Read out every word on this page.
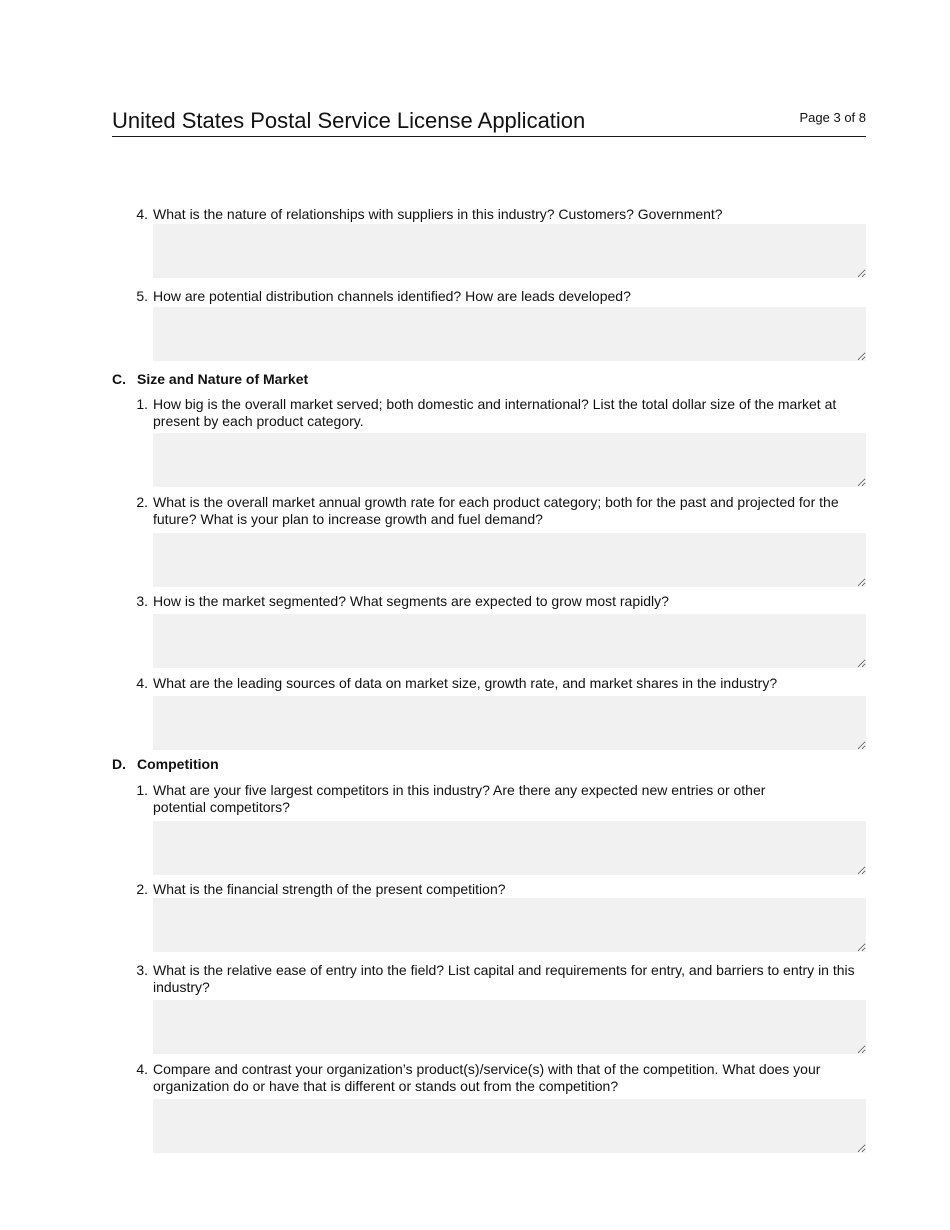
United States Postal Service License Application	Page 3 of 8
4. What is the nature of relationships with suppliers in this industry? Customers? Government?
5. How are potential distribution channels identified? How are leads developed?
C. Size and Nature of Market
1. How big is the overall market served; both domestic and international? List the total dollar size of the market at present by each product category.
2. What is the overall market annual growth rate for each product category; both for the past and projected for the future? What is your plan to increase growth and fuel demand?
3. How is the market segmented? What segments are expected to grow most rapidly?
4. What are the leading sources of data on market size, growth rate, and market shares in the industry?
D. Competition
1. What are your five largest competitors in this industry? Are there any expected new entries or other potential competitors?
2. What is the financial strength of the present competition?
3. What is the relative ease of entry into the field? List capital and requirements for entry, and barriers to entry in this industry?
4. Compare and contrast your organization’s product(s)/service(s) with that of the competition. What does your organization do or have that is different or stands out from the competition?
